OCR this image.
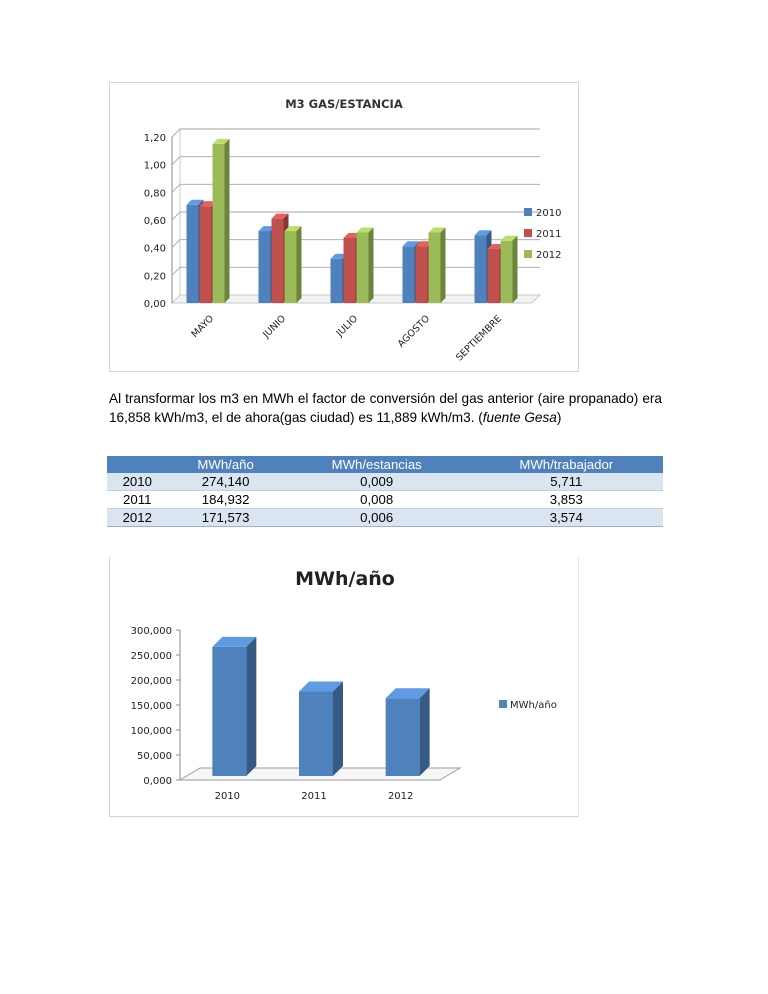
M3 GAS/ESTANCIA
0,00
0,20
0,40
0,60
0,80
1,00
1,20
MAYO	JUNIO	JULIO	AGOSTO SEPTIEMBRE
2010
2011
2012

Al transformar los m3 en MWh el factor de conversión del gas anterior (aire propanado) era 16,858 kWh/m3, el de ahora(gas ciudad) es 11,889 kWh/m3. (fuente Gesa)

	MWh/año	MWh/estancias	MWh/trabajador
2010	274,140	0,009	5,711
2011	184,932	0,008	3,853
2012	171,573	0,006	3,574
MWh/año
0,000
50,000
100,000
150,000
200,000
250,000
300,000
2010	2011	2012
MWh/año
